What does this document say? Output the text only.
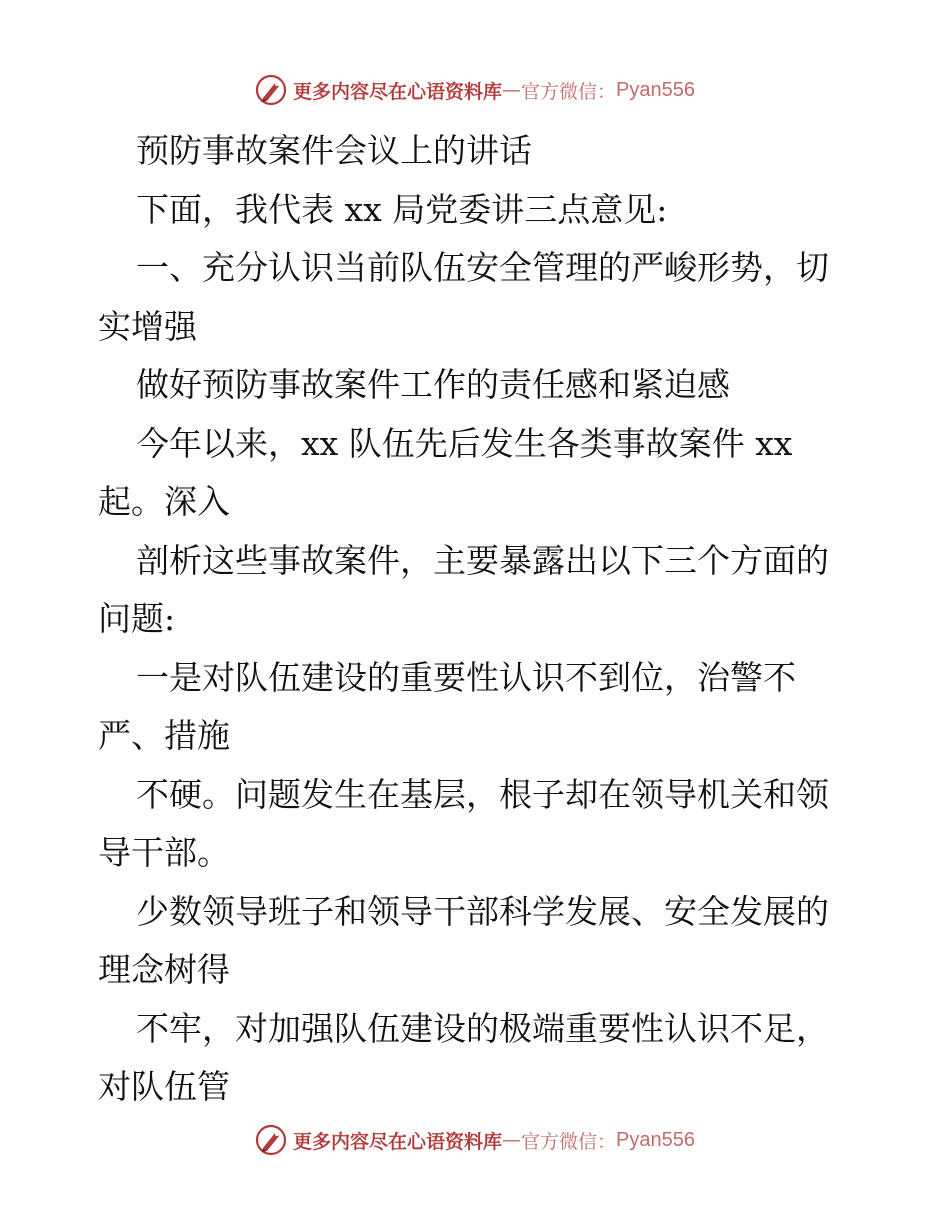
更多内容尽在心语资料库 — 官方微信： Pyan556
预防事故案件会议上的讲话
下面，我代表 xx 局党委讲三点意见:
一、充分认识当前队伍安全管理的严峻形势，切
实增强
做好预防事故案件工作的责任感和紧迫感
今年以来，xx 队伍先后发生各类事故案件 xx
起。深入
剖析这些事故案件，主要暴露出以下三个方面的
问题:
一是对队伍建设的重要性认识不到位，治警不
严、措施
不硬。问题发生在基层，根子却在领导机关和领
导干部。
少数领导班子和领导干部科学发展、安全发展的
理念树得
不牢，对加强队伍建设的极端重要性认识不足，
对队伍管
更多内容尽在心语资料库 — 官方微信： Pyan556
